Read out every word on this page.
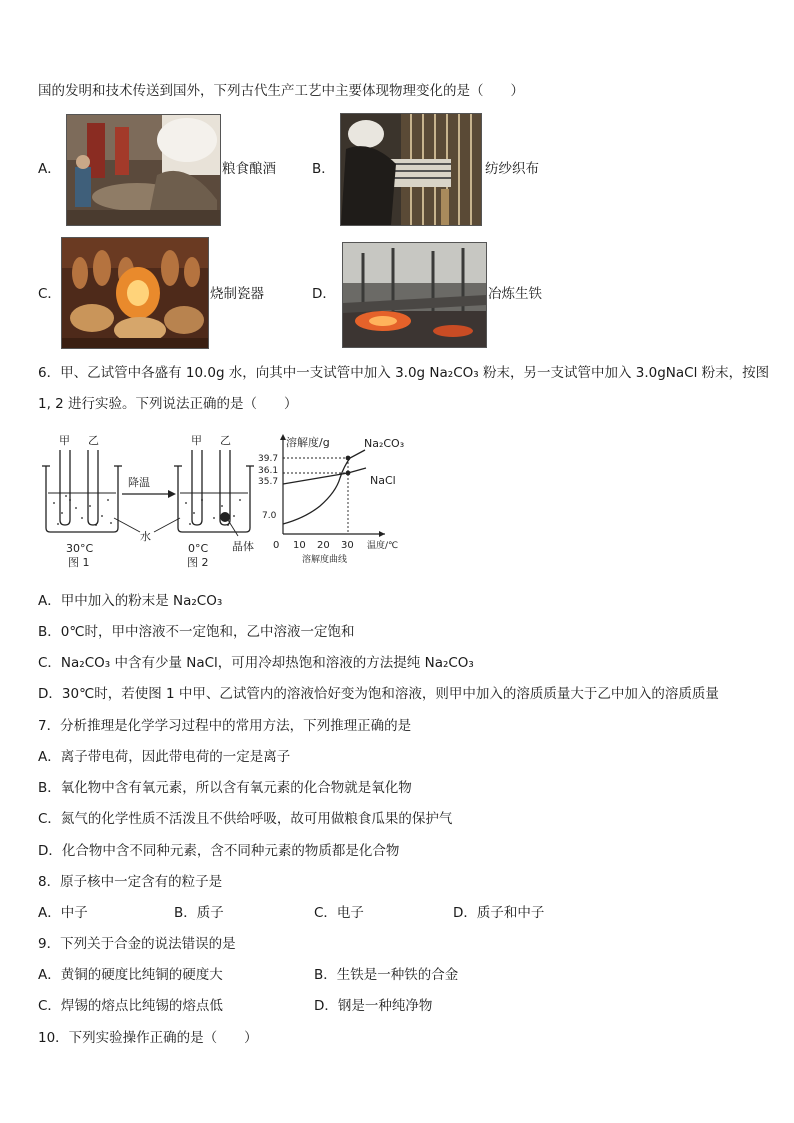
国的发明和技术传送到国外，下列古代生产工艺中主要体现物理变化的是（　　）
A．	粮食酿酒	B．	纺纱织布
C．	烧制瓷器	D．	冶炼生铁
6．甲、乙试管中各盛有 10.0g 水，向其中一支试管中加入 3.0g Na₂CO₃ 粉末，另一支试管中加入 3.0gNaCl 粉末，按图
1, 2 进行实验。下列说法正确的是（　　）
甲 乙
降温
甲 乙
水
晶体
30°C
图 1
0°C
图 2
溶解度/g
温度/℃
溶解度曲线
39.7
36.1
35.7
7.0
0 10 20 30
Na₂CO₃
NaCl
A．甲中加入的粉末是 Na₂CO₃
B．0℃时，甲中溶液不一定饱和，乙中溶液一定饱和
C．Na₂CO₃ 中含有少量 NaCl，可用冷却热饱和溶液的方法提纯 Na₂CO₃
D．30℃时，若使图 1 中甲、乙试管内的溶液恰好变为饱和溶液，则甲中加入的溶质质量大于乙中加入的溶质质量
7．分析推理是化学学习过程中的常用方法，下列推理正确的是
A．离子带电荷，因此带电荷的一定是离子
B．氧化物中含有氧元素，所以含有氧元素的化合物就是氧化物
C．氮气的化学性质不活泼且不供给呼吸，故可用做粮食瓜果的保护气
D．化合物中含不同种元素，含不同种元素的物质都是化合物
8．原子核中一定含有的粒子是
A．中子	B．质子	C．电子	D．质子和中子
9．下列关于合金的说法错误的是
A．黄铜的硬度比纯铜的硬度大	B．生铁是一种铁的合金
C．焊锡的熔点比纯锡的熔点低	D．钢是一种纯净物
10．下列实验操作正确的是（　　）
